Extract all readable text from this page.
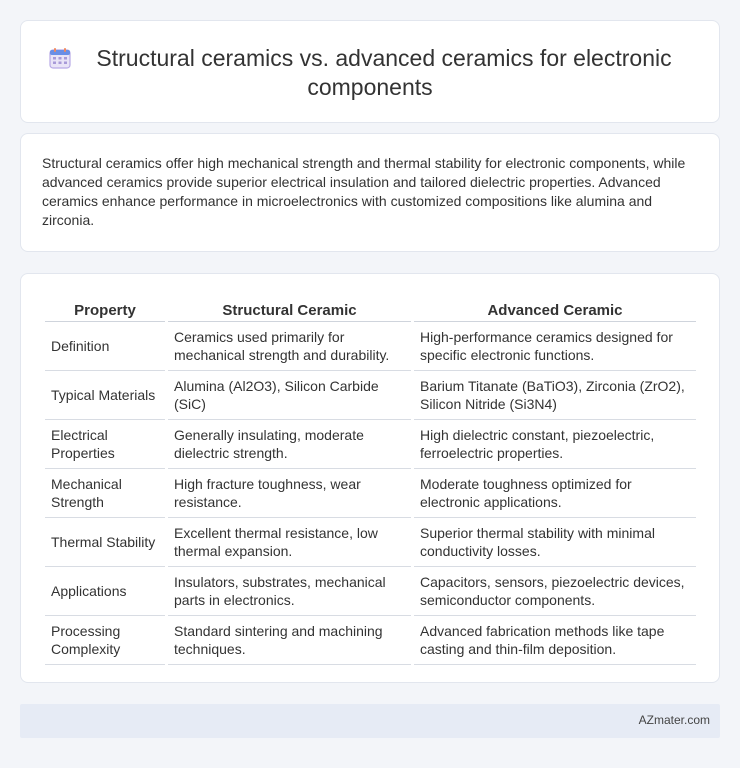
Structural ceramics vs. advanced ceramics for electronic
components

Structural ceramics offer high mechanical strength and thermal stability for electronic components, while advanced ceramics provide superior electrical insulation and tailored dielectric properties. Advanced ceramics enhance performance in microelectronics with customized compositions like alumina and zirconia.

Property	Structural Ceramic	Advanced Ceramic
Definition	Ceramics used primarily for mechanical strength and durability.	High-performance ceramics designed for specific electronic functions.
Typical Materials	Alumina (Al2O3), Silicon Carbide (SiC)	Barium Titanate (BaTiO3), Zirconia (ZrO2), Silicon Nitride (Si3N4)
Electrical Properties	Generally insulating, moderate dielectric strength.	High dielectric constant, piezoelectric, ferroelectric properties.
Mechanical Strength	High fracture toughness, wear resistance.	Moderate toughness optimized for electronic applications.
Thermal Stability	Excellent thermal resistance, low thermal expansion.	Superior thermal stability with minimal conductivity losses.
Applications	Insulators, substrates, mechanical parts in electronics.	Capacitors, sensors, piezoelectric devices, semiconductor components.
Processing Complexity	Standard sintering and machining techniques.	Advanced fabrication methods like tape casting and thin-film deposition.
AZmater.com
